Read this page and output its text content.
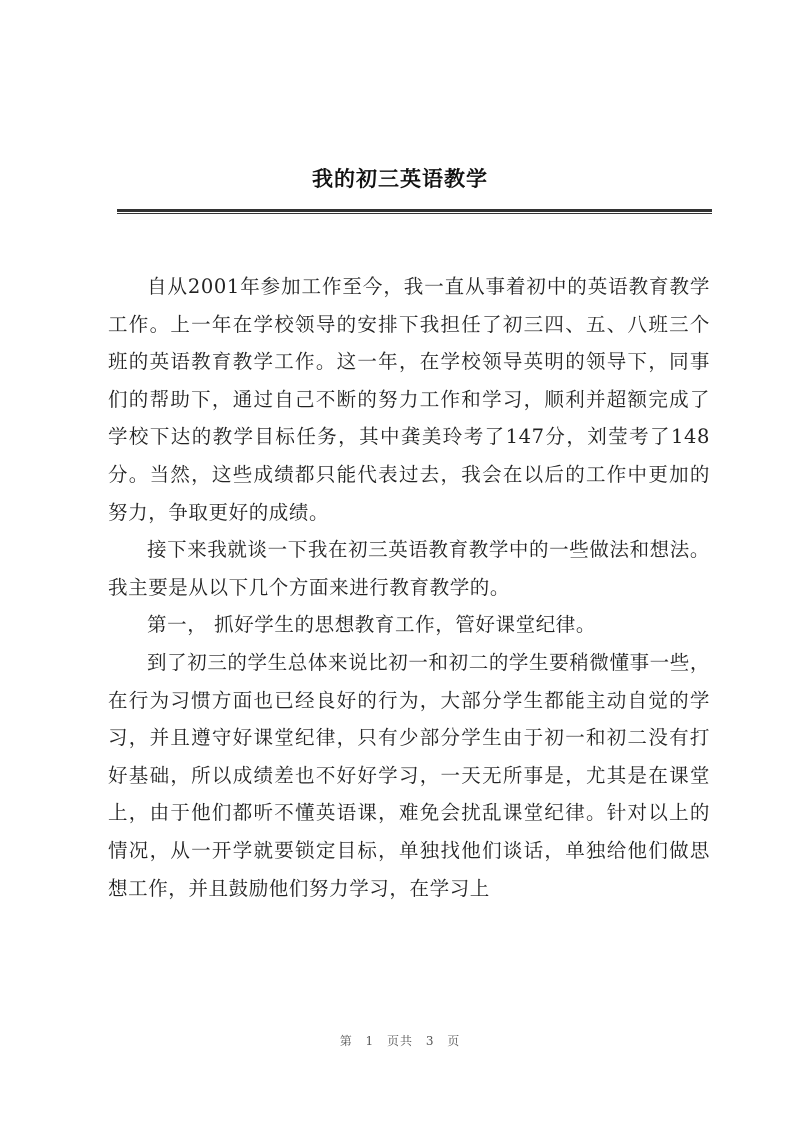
我的初三英语教学

自从2001年参加工作至今，我一直从事着初中的英语教育教学工作。上一年在学校领导的安排下我担任了初三四、五、八班三个班的英语教育教学工作。这一年，在学校领导英明的领导下，同事们的帮助下，通过自己不断的努力工作和学习，顺利并超额完成了学校下达的教学目标任务，其中龚美玲考了147分，刘莹考了148分。当然，这些成绩都只能代表过去，我会在以后的工作中更加的努力，争取更好的成绩。

接下来我就谈一下我在初三英语教育教学中的一些做法和想法。我主要是从以下几个方面来进行教育教学的。

第一， 抓好学生的思想教育工作，管好课堂纪律。

到了初三的学生总体来说比初一和初二的学生要稍微懂事一些，在行为习惯方面也已经良好的行为，大部分学生都能主动自觉的学习，并且遵守好课堂纪律，只有少部分学生由于初一和初二没有打好基础，所以成绩差也不好好学习，一天无所事是，尤其是在课堂上，由于他们都听不懂英语课，难免会扰乱课堂纪律。针对以上的情况，从一开学就要锁定目标，单独找他们谈话，单独给他们做思想工作，并且鼓励他们努力学习，在学习上

第 1 页共 3 页
